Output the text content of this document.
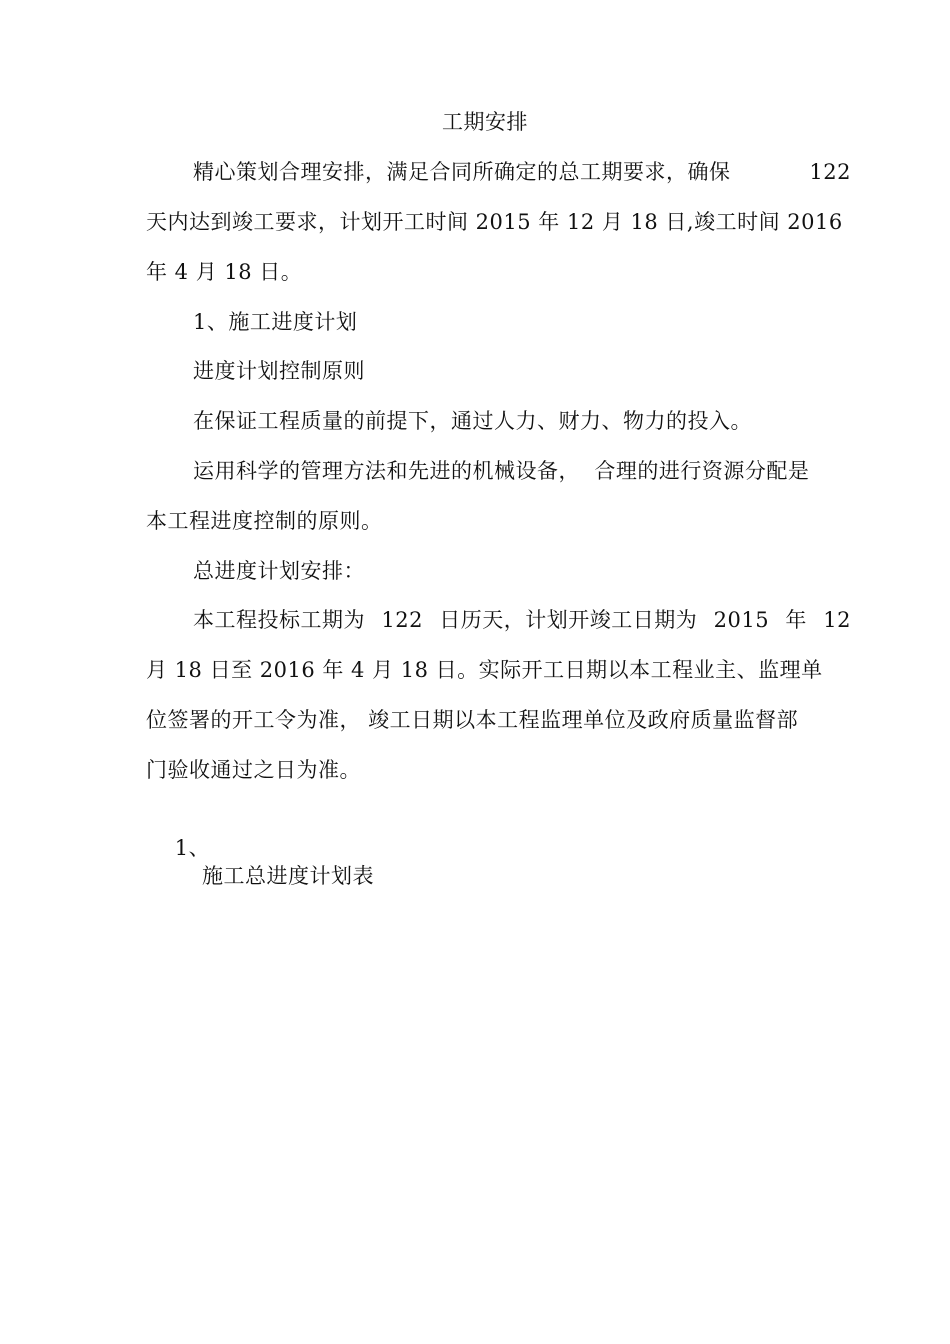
工期安排
精心策划合理安排，满足合同所确定的总工期要求，确保	122
天内达到竣工要求，计划开工时间 2015 年 12 月 18 日,竣工时间 2016
年 4 月 18 日。
1、施工进度计划
进度计划控制原则
在保证工程质量的前提下，通过人力、财力、物力的投入。
运用科学的管理方法和先进的机械设备，  合理的进行资源分配是
本工程进度控制的原则。
总进度计划安排：
本工程投标工期为 122 日历天，计划开竣工日期为 2015 年 12
月 18 日至 2016 年 4 月 18 日。实际开工日期以本工程业主、监理单
位签署的开工令为准， 竣工日期以本工程监理单位及政府质量监督部
门验收通过之日为准。

1、

施工总进度计划表
